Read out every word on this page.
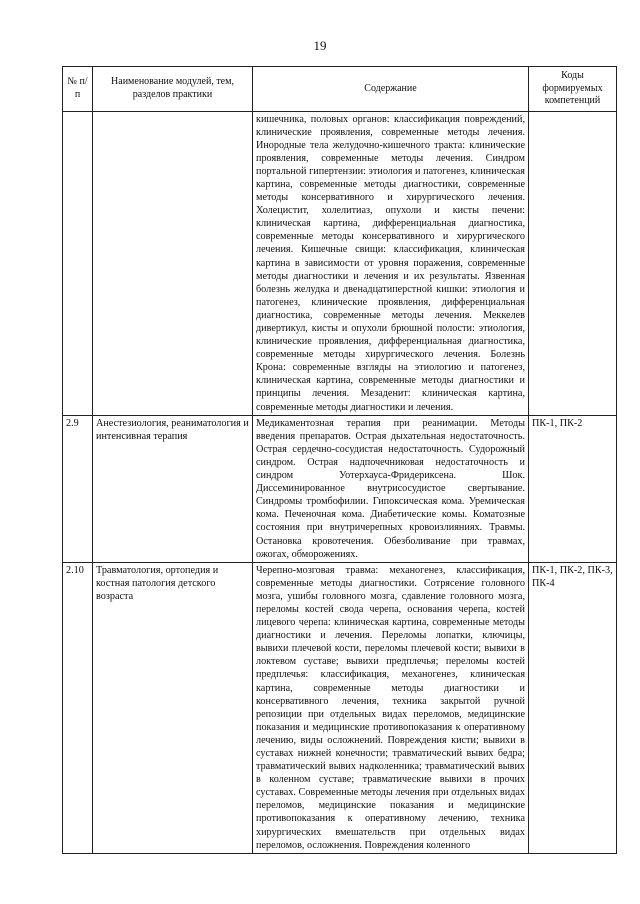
19
№ п/п	Наименование модулей, тем, разделов практики	Содержание	Коды формируемых компетенций
		кишечника, половых органов: классификация повреждений, клинические проявления, современные методы лечения. Инородные тела желудочно-кишечного тракта: клинические проявления, современные методы лечения. Синдром портальной гипертензии: этиология и патогенез, клиническая картина, современные методы диагностики, современные методы консервативного и хирургического лечения. Холецистит, холелитиаз, опухоли и кисты печени: клиническая картина, дифференциальная диагностика, современные методы консервативного и хирургического лечения. Кишечные свищи: классификация, клиническая картина в зависимости от уровня поражения, современные методы диагностики и лечения и их результаты. Язвенная болезнь желудка и двенадцатиперстной кишки: этиология и патогенез, клинические проявления, дифференциальная диагностика, современные методы лечения. Меккелев дивертикул, кисты и опухоли брюшной полости: этиология, клинические проявления, дифференциальная диагностика, современные методы хирургического лечения. Болезнь Крона: современные взгляды на этиологию и патогенез, клиническая картина, современные методы диагностики и принципы лечения. Мезаденит: клиническая картина, современные методы диагностики и лечения.	
2.9	Анестезиология, реаниматология и интенсивная терапия	Медикаментозная терапия при реанимации. Методы введения препаратов. Острая дыхательная недостаточность. Острая сердечно-сосудистая недостаточность. Судорожный синдром. Острая надпочечниковая недостаточность и синдром Уотерхауса-Фридериксена. Шок. Диссеминированное внутрисосудистое свертывание. Синдромы тромбофилии. Гипоксическая кома. Уремическая кома. Печеночная кома. Диабетические комы. Коматозные состояния при внутричерепных кровоизлияниях. Травмы. Остановка кровотечения. Обезболивание при травмах, ожогах, обморожениях.	ПК-1, ПК-2
2.10	Травматология, ортопедия и костная патология детского возраста	Черепно-мозговая травма: механогенез, классификация, современные методы диагностики. Сотрясение головного мозга, ушибы головного мозга, сдавление головного мозга, переломы костей свода черепа, основания черепа, костей лицевого черепа: клиническая картина, современные методы диагностики и лечения. Переломы лопатки, ключицы, вывихи плечевой кости, переломы плечевой кости; вывихи в локтевом суставе; вывихи предплечья; переломы костей предплечья: классификация, механогенез, клиническая картина, современные методы диагностики и консервативного лечения, техника закрытой ручной репозиции при отдельных видах переломов, медицинские показания и медицинские противопоказания к оперативному лечению, виды осложнений. Повреждения кисти; вывихи в суставах нижней конечности; травматический вывих бедра; травматический вывих надколенника; травматический вывих в коленном суставе; травматические вывихи в прочих суставах. Современные методы лечения при отдельных видах переломов, медицинские показания и медицинские противопоказания к оперативному лечению, техника хирургических вмешательств при отдельных видах переломов, осложнения. Повреждения коленного	ПК-1, ПК-2, ПК-3, ПК-4
